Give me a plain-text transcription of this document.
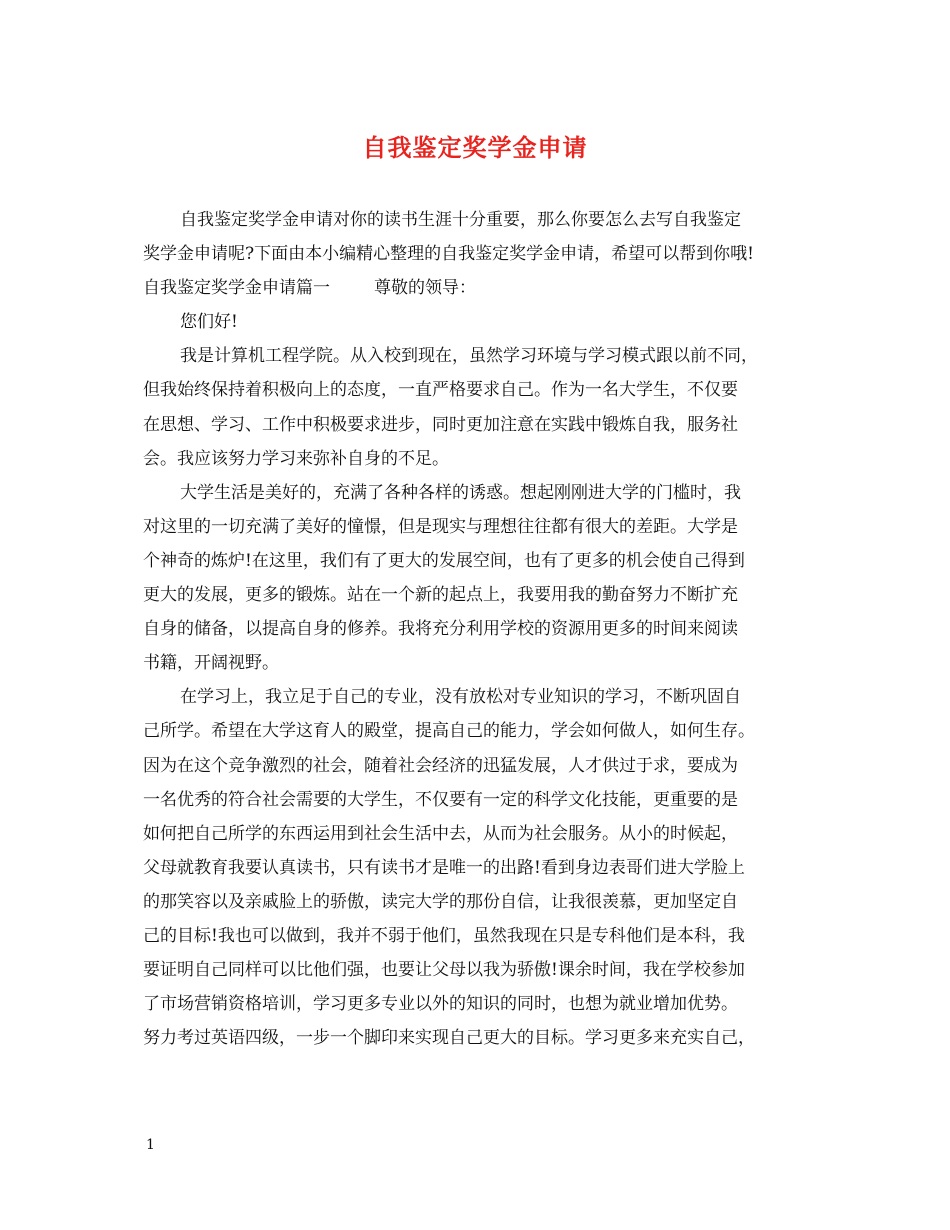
自我鉴定奖学金申请
自我鉴定奖学金申请对你的读书生涯十分重要，那么你要怎么去写自我鉴定
奖学金申请呢?下面由本小编精心整理的自我鉴定奖学金申请，希望可以帮到你哦!
自我鉴定奖学金申请篇一	尊敬的领导：
您们好!
我是计算机工程学院。从入校到现在，虽然学习环境与学习模式跟以前不同，
但我始终保持着积极向上的态度，一直严格要求自己。作为一名大学生，不仅要
在思想、学习、工作中积极要求进步，同时更加注意在实践中锻炼自我，服务社
会。我应该努力学习来弥补自身的不足。
大学生活是美好的，充满了各种各样的诱惑。想起刚刚进大学的门槛时，我
对这里的一切充满了美好的憧憬，但是现实与理想往往都有很大的差距。大学是
个神奇的炼炉!在这里，我们有了更大的发展空间，也有了更多的机会使自己得到
更大的发展，更多的锻炼。站在一个新的起点上，我要用我的勤奋努力不断扩充
自身的储备，以提高自身的修养。我将充分利用学校的资源用更多的时间来阅读
书籍，开阔视野。
在学习上，我立足于自己的专业，没有放松对专业知识的学习，不断巩固自
己所学。希望在大学这育人的殿堂，提高自己的能力，学会如何做人，如何生存。
因为在这个竞争激烈的社会，随着社会经济的迅猛发展，人才供过于求，要成为
一名优秀的符合社会需要的大学生，不仅要有一定的科学文化技能，更重要的是
如何把自己所学的东西运用到社会生活中去，从而为社会服务。从小的时候起，
父母就教育我要认真读书，只有读书才是唯一的出路!看到身边表哥们进大学脸上
的那笑容以及亲戚脸上的骄傲，读完大学的那份自信，让我很羡慕，更加坚定自
己的目标!我也可以做到，我并不弱于他们，虽然我现在只是专科他们是本科，我
要证明自己同样可以比他们强，也要让父母以我为骄傲!课余时间，我在学校参加
了市场营销资格培训，学习更多专业以外的知识的同时，也想为就业增加优势。
努力考过英语四级，一步一个脚印来实现自己更大的目标。学习更多来充实自己，
1
